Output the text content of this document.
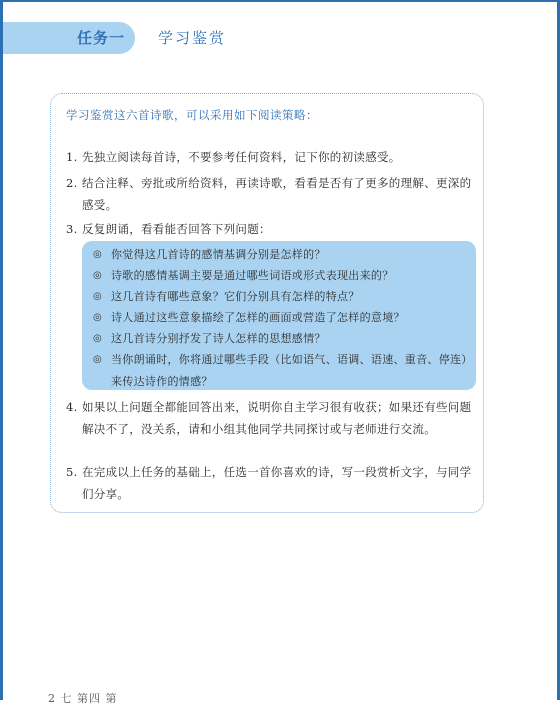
任务一 学习鉴赏
学习鉴赏这六首诗歌，可以采用如下阅读策略：
1. 先独立阅读每首诗，不要参考任何资料，记下你的初读感受。
2. 结合注释、旁批或所给资料，再读诗歌，看看是否有了更多的理解、更深的感受。
3. 反复朗诵，看看能否回答下列问题：
◎ 你觉得这几首诗的感情基调分别是怎样的？
◎ 诗歌的感情基调主要是通过哪些词语或形式表现出来的？
◎ 这几首诗有哪些意象？它们分别具有怎样的特点？
◎ 诗人通过这些意象描绘了怎样的画面或营造了怎样的意境？
◎ 这几首诗分别抒发了诗人怎样的思想感情？
◎ 当你朗诵时，你将通过哪些手段（比如语气、语调、语速、重音、停连）来传达诗作的情感？
4. 如果以上问题全都能回答出来，说明你自主学习很有收获；如果还有些问题解决不了，没关系，请和小组其他同学共同探讨或与老师进行交流。
5. 在完成以上任务的基础上，任选一首你喜欢的诗，写一段赏析文字，与同学们分享。
2 七 第四 第
